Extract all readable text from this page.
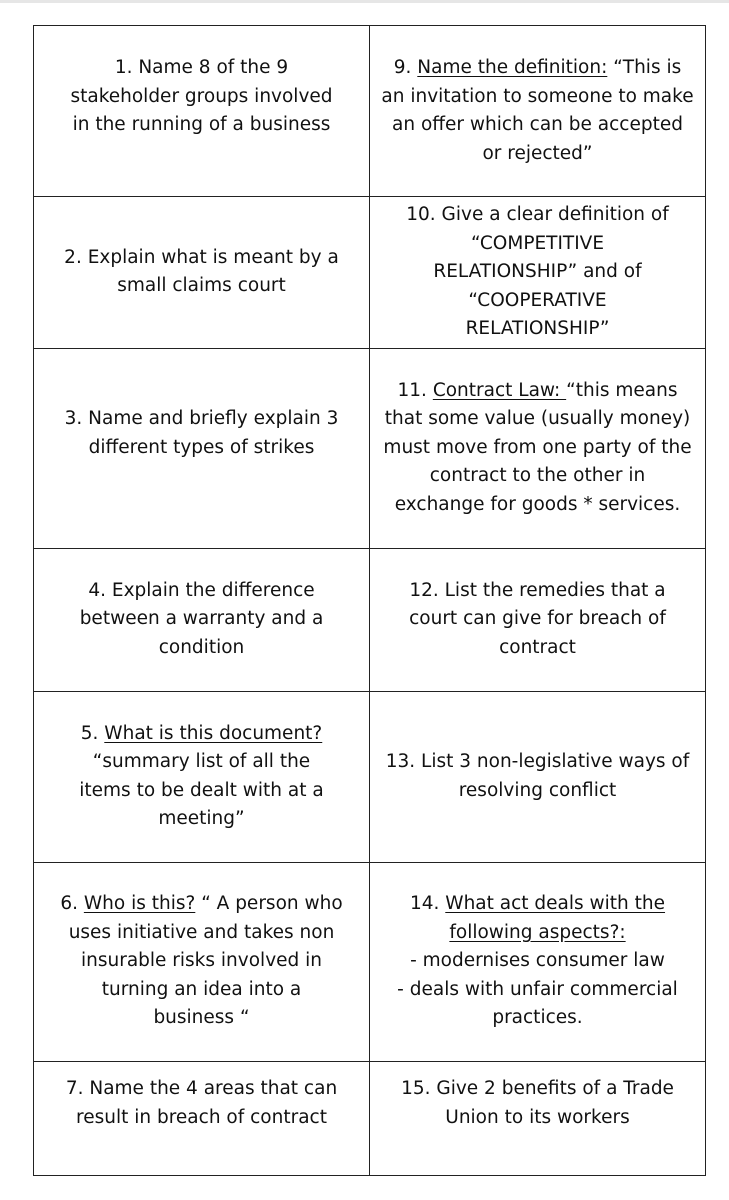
1. Name 8 of the 9
stakeholder groups involved
in the running of a business	9. Name the definition: “This is
an invitation to someone to make
an offer which can be accepted
or rejected”

2. Explain what is meant by a
small claims court	10. Give a clear definition of
“COMPETITIVE
RELATIONSHIP” and of
“COOPERATIVE
RELATIONSHIP”

3. Name and briefly explain 3
different types of strikes	11. Contract Law: “this means
that some value (usually money)
must move from one party of the
contract to the other in
exchange for goods * services.

4. Explain the difference
between a warranty and a
condition	12. List the remedies that a
court can give for breach of
contract

5. What is this document?
“summary list of all the
items to be dealt with at a
meeting”	13. List 3 non-legislative ways of
resolving conflict

6. Who is this? “ A person who
uses initiative and takes non
insurable risks involved in
turning an idea into a
business “	14. What act deals with the
following aspects?:
- modernises consumer law
- deals with unfair commercial
practices.

7. Name the 4 areas that can
result in breach of contract	15. Give 2 benefits of a Trade
Union to its workers
